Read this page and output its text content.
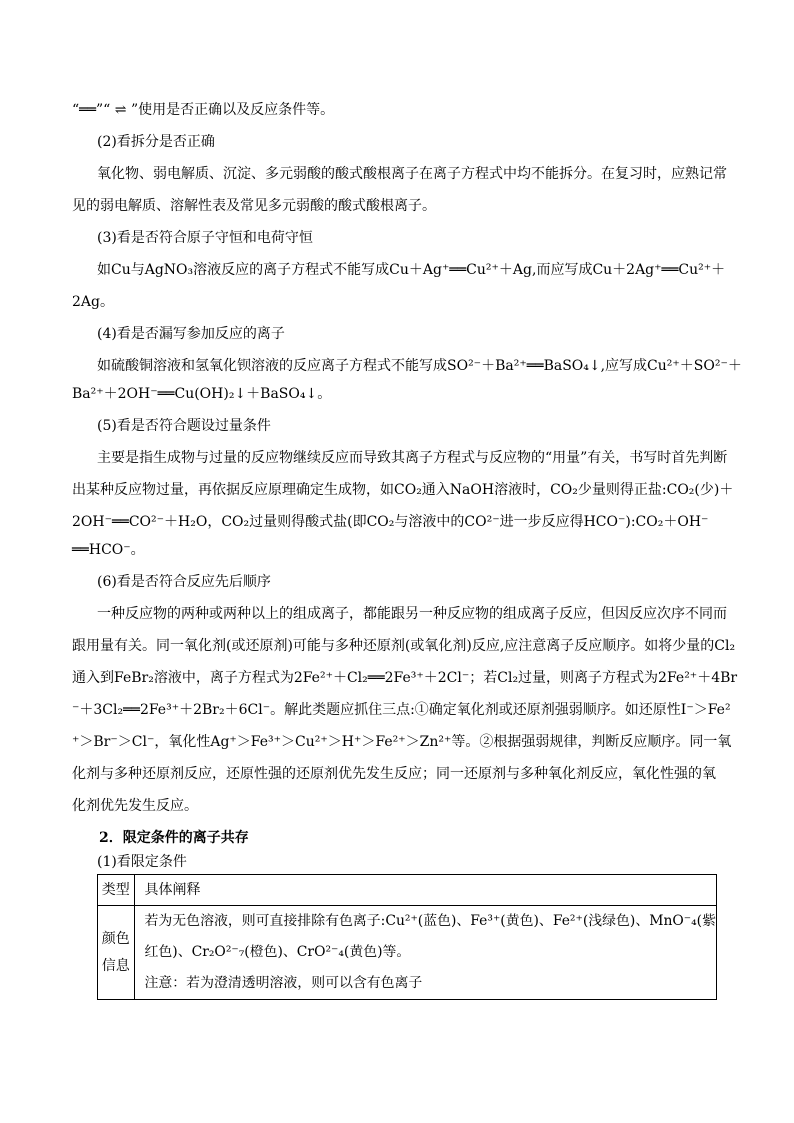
“══”“ ⇌ ”使用是否正确以及反应条件等。
(2)看拆分是否正确
氧化物、弱电解质、沉淀、多元弱酸的酸式酸根离子在离子方程式中均不能拆分。在复习时，应熟记常
见的弱电解质、溶解性表及常见多元弱酸的酸式酸根离子。
(3)看是否符合原子守恒和电荷守恒
如Cu与AgNO₃溶液反应的离子方程式不能写成Cu＋Ag⁺══Cu²⁺＋Ag,而应写成Cu＋2Ag⁺══Cu²⁺＋
2Ag。
(4)看是否漏写参加反应的离子
如硫酸铜溶液和氢氧化钡溶液的反应离子方程式不能写成SO²⁻＋Ba²⁺══BaSO₄↓,应写成Cu²⁺＋SO²⁻＋
Ba²⁺＋2OH⁻══Cu(OH)₂↓＋BaSO₄↓。
(5)看是否符合题设过量条件
主要是指生成物与过量的反应物继续反应而导致其离子方程式与反应物的“用量”有关，书写时首先判断
出某种反应物过量，再依据反应原理确定生成物，如CO₂通入NaOH溶液时，CO₂少量则得正盐:CO₂(少)＋
2OH⁻══CO²⁻＋H₂O，CO₂过量则得酸式盐(即CO₂与溶液中的CO²⁻进一步反应得HCO⁻):CO₂＋OH⁻
══HCO⁻。
(6)看是否符合反应先后顺序
一种反应物的两种或两种以上的组成离子，都能跟另一种反应物的组成离子反应，但因反应次序不同而
跟用量有关。同一氧化剂(或还原剂)可能与多种还原剂(或氧化剂)反应,应注意离子反应顺序。如将少量的Cl₂
通入到FeBr₂溶液中，离子方程式为2Fe²⁺＋Cl₂══2Fe³⁺＋2Cl⁻；若Cl₂过量，则离子方程式为2Fe²⁺＋4Br
⁻＋3Cl₂══2Fe³⁺＋2Br₂＋6Cl⁻。解此类题应抓住三点:①确定氧化剂或还原剂强弱顺序。如还原性I⁻＞Fe²
⁺＞Br⁻＞Cl⁻，氧化性Ag⁺＞Fe³⁺＞Cu²⁺＞H⁺＞Fe²⁺＞Zn²⁺等。②根据强弱规律，判断反应顺序。同一氧
化剂与多种还原剂反应，还原性强的还原剂优先发生反应；同一还原剂与多种氧化剂反应，氧化性强的氧
化剂优先发生反应。
2．限定条件的离子共存
(1)看限定条件
类型	具体阐释

颜色
信息	若为无色溶液，则可直接排除有色离子:Cu²⁺(蓝色)、Fe³⁺(黄色)、Fe²⁺(浅绿色)、MnO⁻₄(紫
红色)、Cr₂O²⁻₇(橙色)、CrO²⁻₄(黄色)等。
注意：若为澄清透明溶液，则可以含有色离子
